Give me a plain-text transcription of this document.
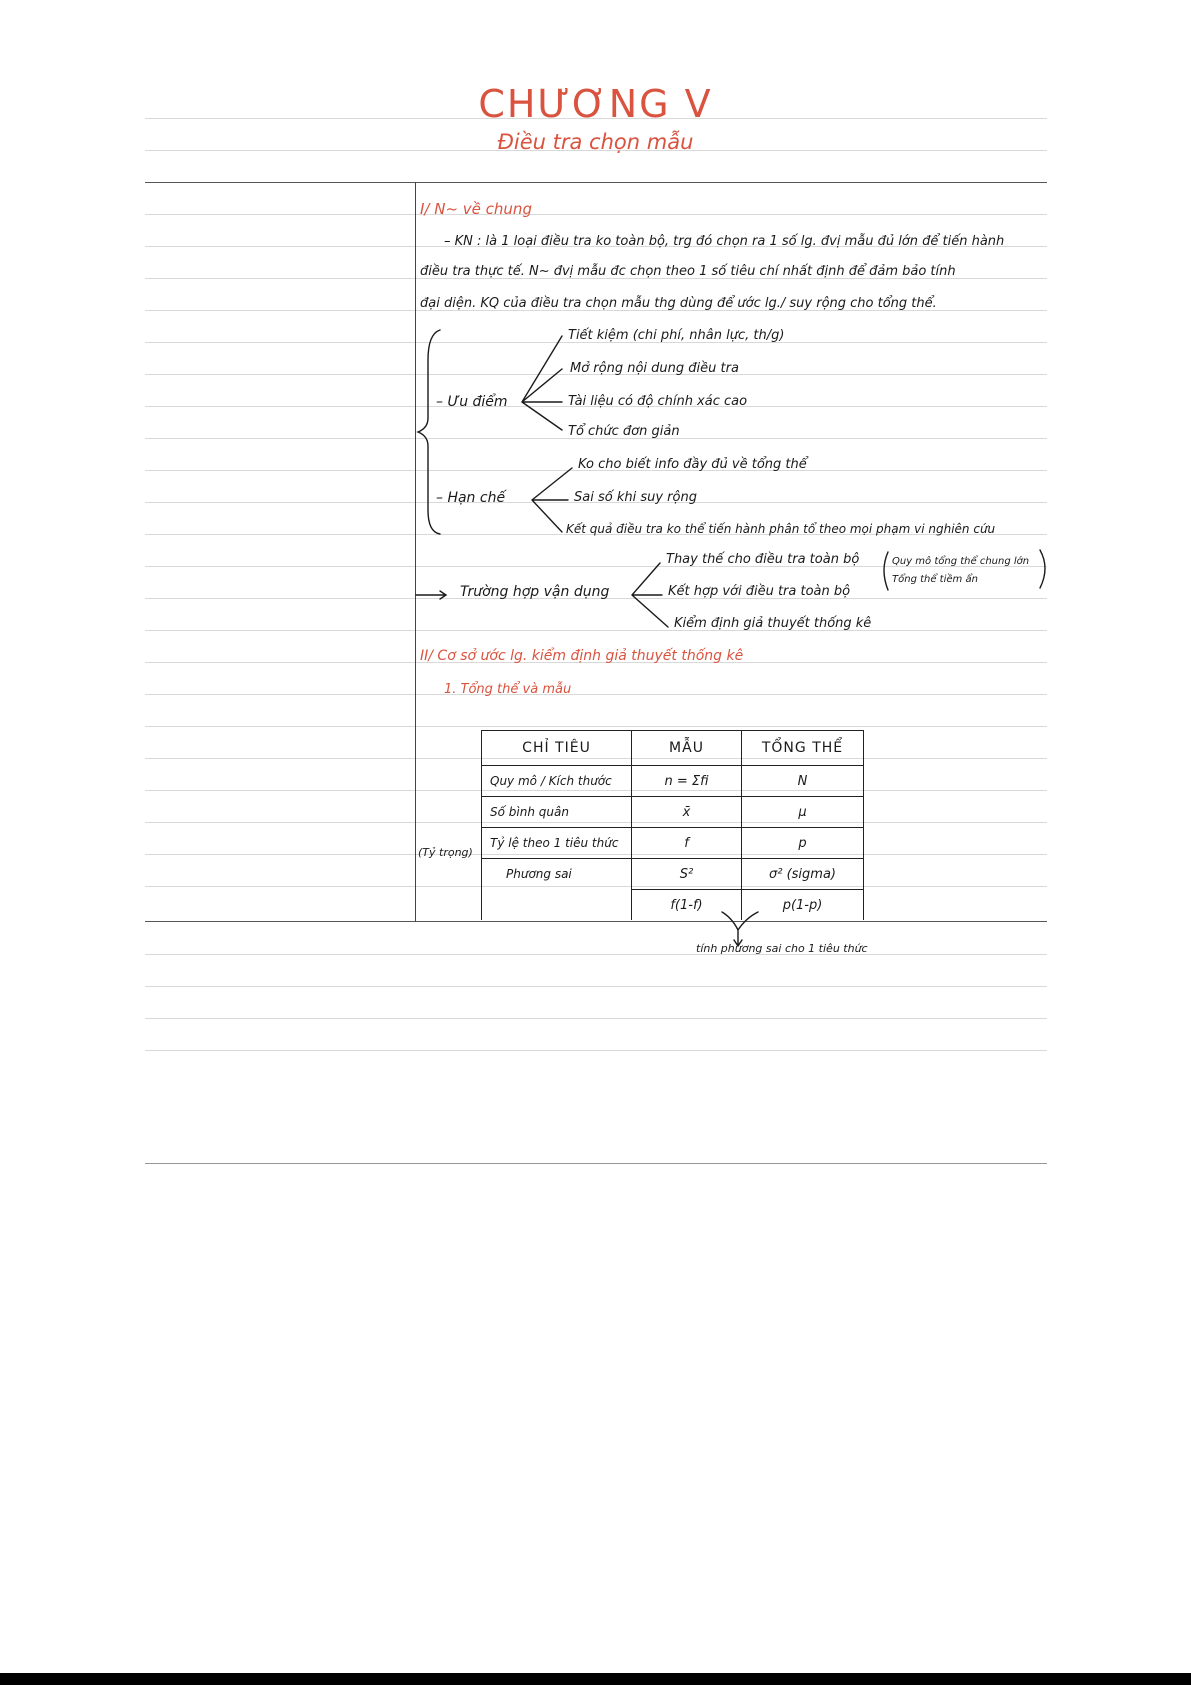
CHƯƠNG V
Điều tra chọn mẫu
I/ N~ về chung
– KN : là 1 loại điều tra ko toàn bộ, trg đó chọn ra 1 số lg. đvị mẫu đủ lớn để tiến hành
điều tra thực tế. N~ đvị mẫu đc chọn theo 1 số tiêu chí nhất định để đảm bảo tính
đại diện. KQ của điều tra chọn mẫu thg dùng để ước lg./ suy rộng cho tổng thể.
– Ưu điểm
Tiết kiệm (chi phí, nhân lực, th/g)
Mở rộng nội dung điều tra
Tài liệu có độ chính xác cao
Tổ chức đơn giản
– Hạn chế
Ko cho biết info đầy đủ về tổng thể
Sai số khi suy rộng
Kết quả điều tra ko thể tiến hành phân tổ theo mọi phạm vi nghiên cứu
Trường hợp vận dụng
Thay thế cho điều tra toàn bộ
Kết hợp với điều tra toàn bộ
Kiểm định giả thuyết thống kê
Quy mô tổng thể chung lớn
Tổng thể tiềm ẩn
II/ Cơ sở ước lg. kiểm định giả thuyết thống kê
1. Tổng thể và mẫu
(Tỷ trọng)
CHỈ TIÊU	MẪU	TỔNG THỂ
Quy mô / Kích thước	n = Σfi	N
Số bình quân	x̄	μ
Tỷ lệ theo 1 tiêu thức	f	p
Phương sai	S²	σ² (sigma)
	f(1-f)	p(1-p)
tính phương sai cho 1 tiêu thức
